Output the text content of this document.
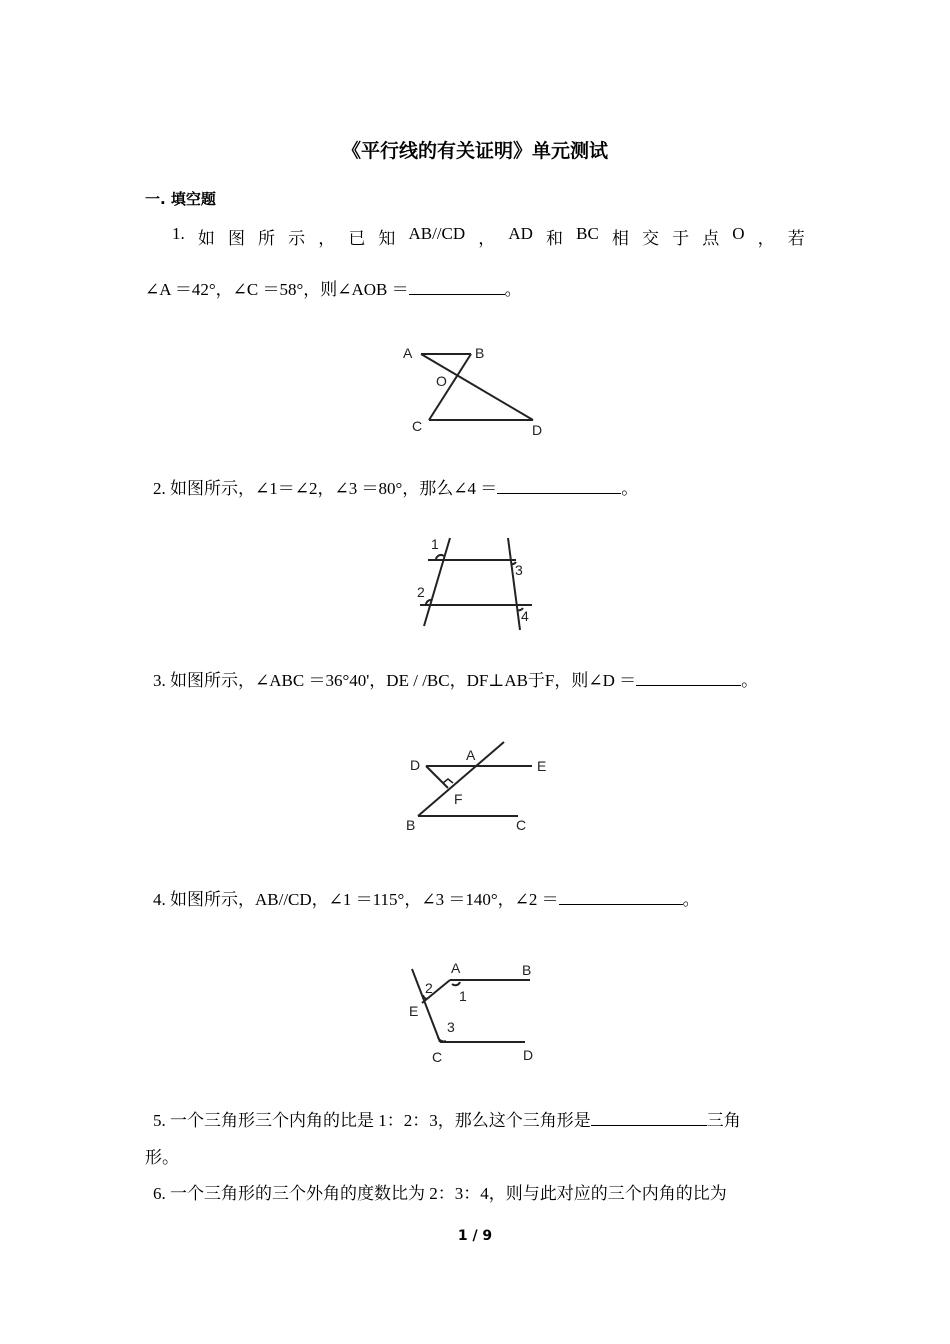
《平行线的有关证明》单元测试
一. 填空题
1. 如 图 所 示 ， 已 知 AB//CD ， AD 和 BC 相 交 于 点 O ， 若
∠A ＝42°，∠C ＝58°，则∠AOB ＝	。
A	B
O
C	D
2. 如图所示，∠1＝∠2，∠3 ＝80°，那么∠4 ＝	。
1
3
2
4
3. 如图所示，∠ABC ＝36°40'，DE / /BC，DF⊥AB于F，则∠D ＝	。
D
A
E
F
B	C
4. 如图所示，AB//CD，∠1 ＝115°，∠3 ＝140°，∠2 ＝	。
A	B
2 1
E
3
C	D
5. 一个三角形三个内角的比是 1：2：3，那么这个三角形是	三角
形。
6. 一个三角形的三个外角的度数比为 2：3：4，则与此对应的三个内角的比为
1 / 9
